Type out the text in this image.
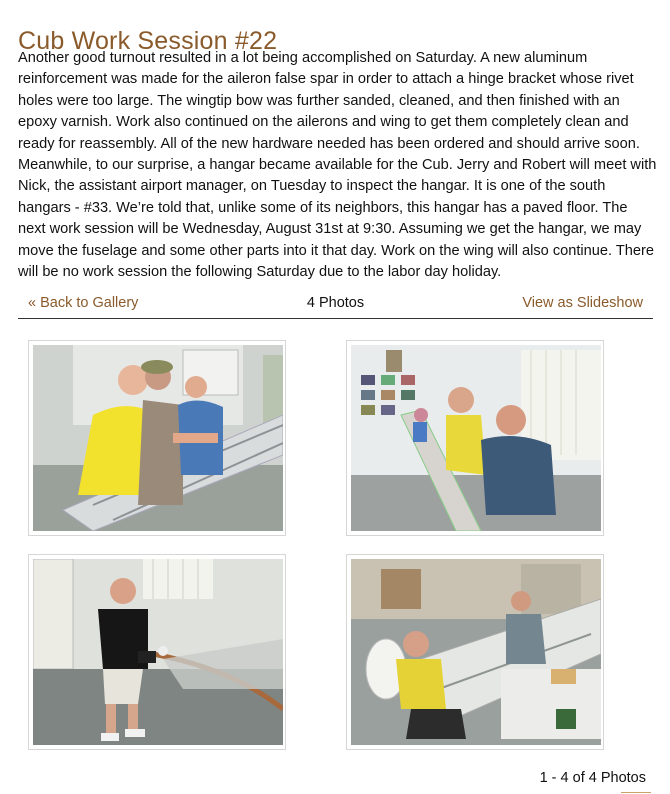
Cub Work Session #22

Another good turnout resulted in a lot being accomplished on Saturday. A new aluminum reinforcement was made for the aileron false spar in order to attach a hinge bracket whose rivet holes were too large. The wingtip bow was further sanded, cleaned, and then finished with an epoxy varnish. Work also continued on the ailerons and wing to get them completely clean and ready for reassembly. All of the new hardware needed has been ordered and should arrive soon. Meanwhile, to our surprise, a hangar became available for the Cub. Jerry and Robert will meet with Nick, the assistant airport manager, on Tuesday to inspect the hangar. It is one of the south hangars - #33. We’re told that, unlike some of its neighbors, this hangar has a paved floor. The next work session will be Wednesday, August 31st at 9:30. Assuming we get the hangar, we may move the fuselage and some other parts into it that day. Work on the wing will also continue. There will be no work session the following Saturday due to the labor day holiday.

« Back to Gallery	4 Photos	View as Slideshow
1 - 4 of 4 Photos
